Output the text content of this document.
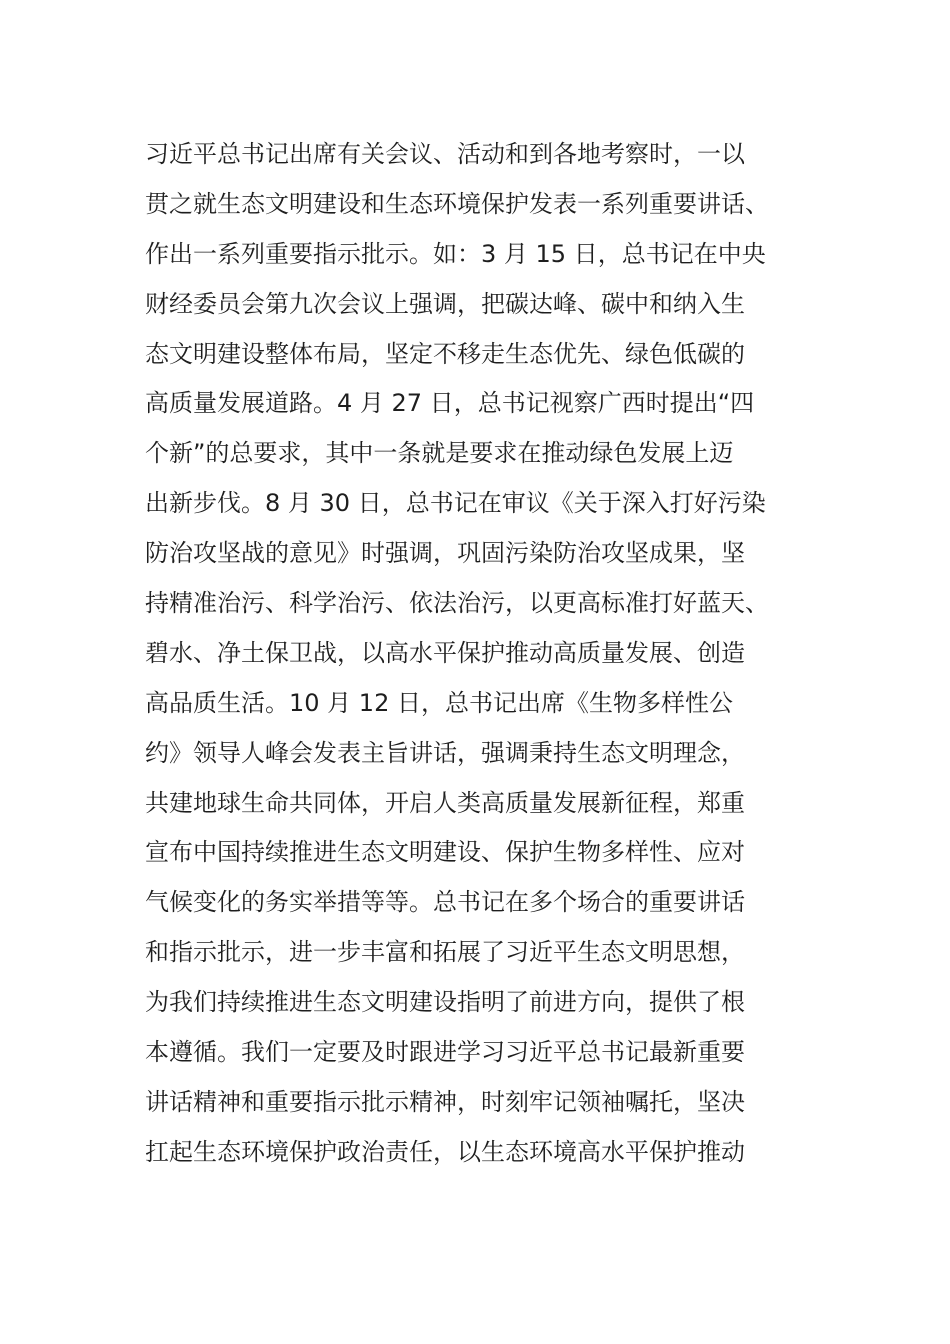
习近平总书记出席有关会议、活动和到各地考察时，一以
贯之就生态文明建设和生态环境保护发表一系列重要讲话、
作出一系列重要指示批示。如：3 月 15 日，总书记在中央
财经委员会第九次会议上强调，把碳达峰、碳中和纳入生
态文明建设整体布局，坚定不移走生态优先、绿色低碳的
高质量发展道路。4 月 27 日，总书记视察广西时提出“四
个新”的总要求，其中一条就是要求在推动绿色发展上迈
出新步伐。8 月 30 日，总书记在审议《关于深入打好污染
防治攻坚战的意见》时强调，巩固污染防治攻坚成果，坚
持精准治污、科学治污、依法治污，以更高标准打好蓝天、
碧水、净土保卫战，以高水平保护推动高质量发展、创造
高品质生活。10 月 12 日，总书记出席《生物多样性公
约》领导人峰会发表主旨讲话，强调秉持生态文明理念，
共建地球生命共同体，开启人类高质量发展新征程，郑重
宣布中国持续推进生态文明建设、保护生物多样性、应对
气候变化的务实举措等等。总书记在多个场合的重要讲话
和指示批示，进一步丰富和拓展了习近平生态文明思想，
为我们持续推进生态文明建设指明了前进方向，提供了根
本遵循。我们一定要及时跟进学习习近平总书记最新重要
讲话精神和重要指示批示精神，时刻牢记领袖嘱托，坚决
扛起生态环境保护政治责任，以生态环境高水平保护推动
